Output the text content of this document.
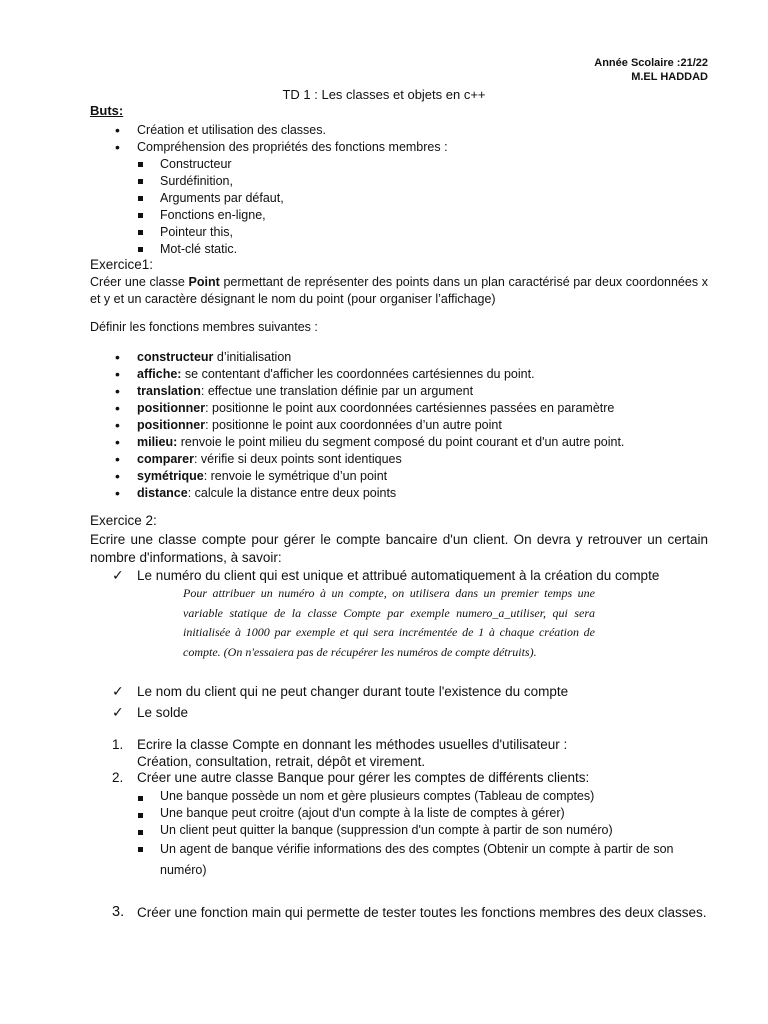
Année Scolaire :21/22
M.EL HADDAD
TD 1 : Les classes et objets en c++
Buts:
• Création et utilisation des classes.
• Compréhension des propriétés des fonctions membres :
Constructeur
Surdéfinition,
Arguments par défaut,
Fonctions en-ligne,
Pointeur this,
Mot-clé static.
Exercice1:

Créer une classe Point permettant de représenter des points dans un plan caractérisé par deux coordonnées x et y et un caractère désignant le nom du point (pour organiser l’affichage)

Définir les fonctions membres suivantes :

• constructeur d’initialisation
• affiche: se contentant d'afficher les coordonnées cartésiennes du point.
• translation: effectue une translation définie par un argument
• positionner: positionne le point aux coordonnées cartésiennes passées en paramètre
• positionner: positionne le point aux coordonnées d’un autre point
• milieu: renvoie le point milieu du segment composé du point courant et d'un autre point.
• comparer: vérifie si deux points sont identiques
• symétrique: renvoie le symétrique d’un point
• distance: calcule la distance entre deux points
Exercice 2:

Ecrire une classe compte pour gérer le compte bancaire d'un client. On devra y retrouver un certain nombre d'informations, à savoir:

✓ Le numéro du client qui est unique et attribué automatiquement à la création du compte

Pour attribuer un numéro à un compte, on utilisera dans un premier temps une variable statique de la classe Compte par exemple numero_a_utiliser, qui sera initialisée à 1000 par exemple et qui sera incrémentée de 1 à chaque création de compte. (On n'essaiera pas de récupérer les numéros de compte détruits).

✓ Le nom du client qui ne peut changer durant toute l'existence du compte
✓ Le solde
1. Ecrire la classe Compte en donnant les méthodes usuelles d'utilisateur :
Création, consultation, retrait, dépôt et virement.
2. Créer une autre classe Banque pour gérer les comptes de différents clients:
Une banque possède un nom et gère plusieurs comptes (Tableau de comptes)
Une banque peut croitre (ajout d'un compte à la liste de comptes à gérer)
Un client peut quitter la banque (suppression d'un compte à partir de son numéro)
Un agent de banque vérifie informations des des comptes (Obtenir un compte à partir de son numéro)
3. Créer une fonction main qui permette de tester toutes les fonctions membres des deux classes.
